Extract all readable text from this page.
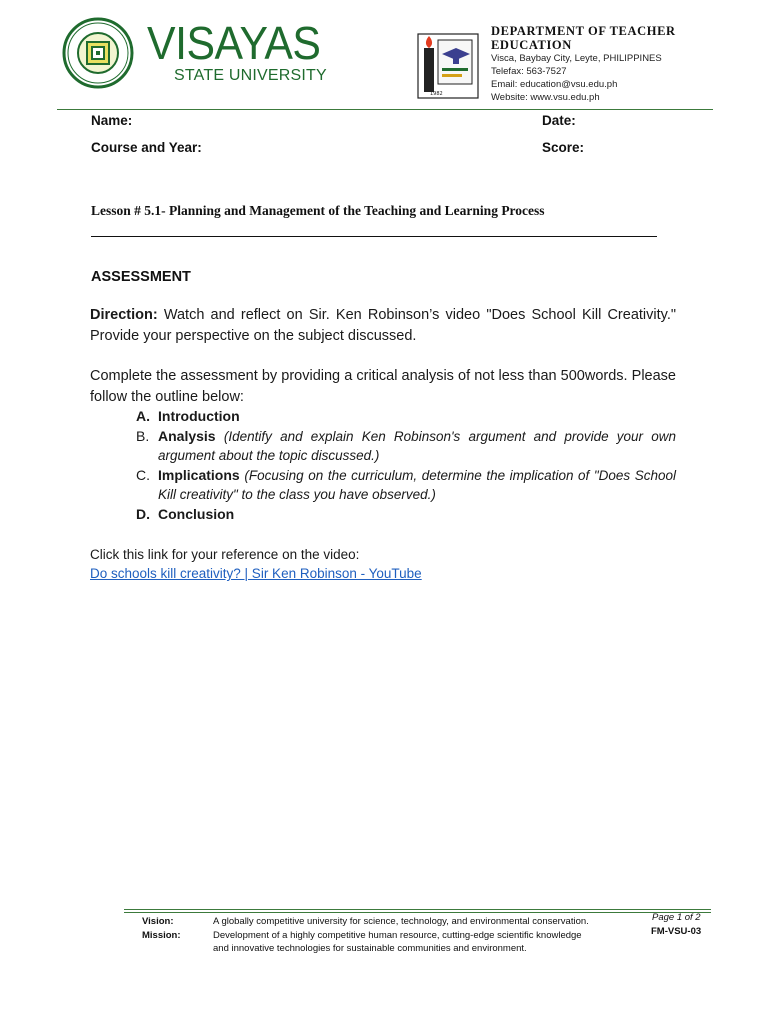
VISAYAS
STATE UNIVERSITY
1982
DEPARTMENT OF TEACHER EDUCATION
Visca, Baybay City, Leyte, PHILIPPINES
Telefax: 563-7527
Email: education@vsu.edu.ph
Website: www.vsu.edu.ph
Name:	Date:
Course and Year:	Score:
Lesson # 5.1- Planning and Management of the Teaching and Learning Process
ASSESSMENT
Direction: Watch and reflect on Sir. Ken Robinson’s video "Does School Kill Creativity." Provide your perspective on the subject discussed.
Complete the assessment by providing a critical analysis of not less than 500words. Please follow the outline below:
A. Introduction
B. Analysis (Identify and explain Ken Robinson's argument and provide your own argument about the topic discussed.)
C. Implications (Focusing on the curriculum, determine the implication of "Does School Kill creativity" to the class you have observed.)
D. Conclusion
Click this link for your reference on the video:
Do schools kill creativity? | Sir Ken Robinson - YouTube
Vision:
Mission:
A globally competitive university for science, technology, and environmental conservation.
Development of a highly competitive human resource, cutting-edge scientific knowledge
and innovative technologies for sustainable communities and environment.
Page 1 of 2
FM-VSU-03
